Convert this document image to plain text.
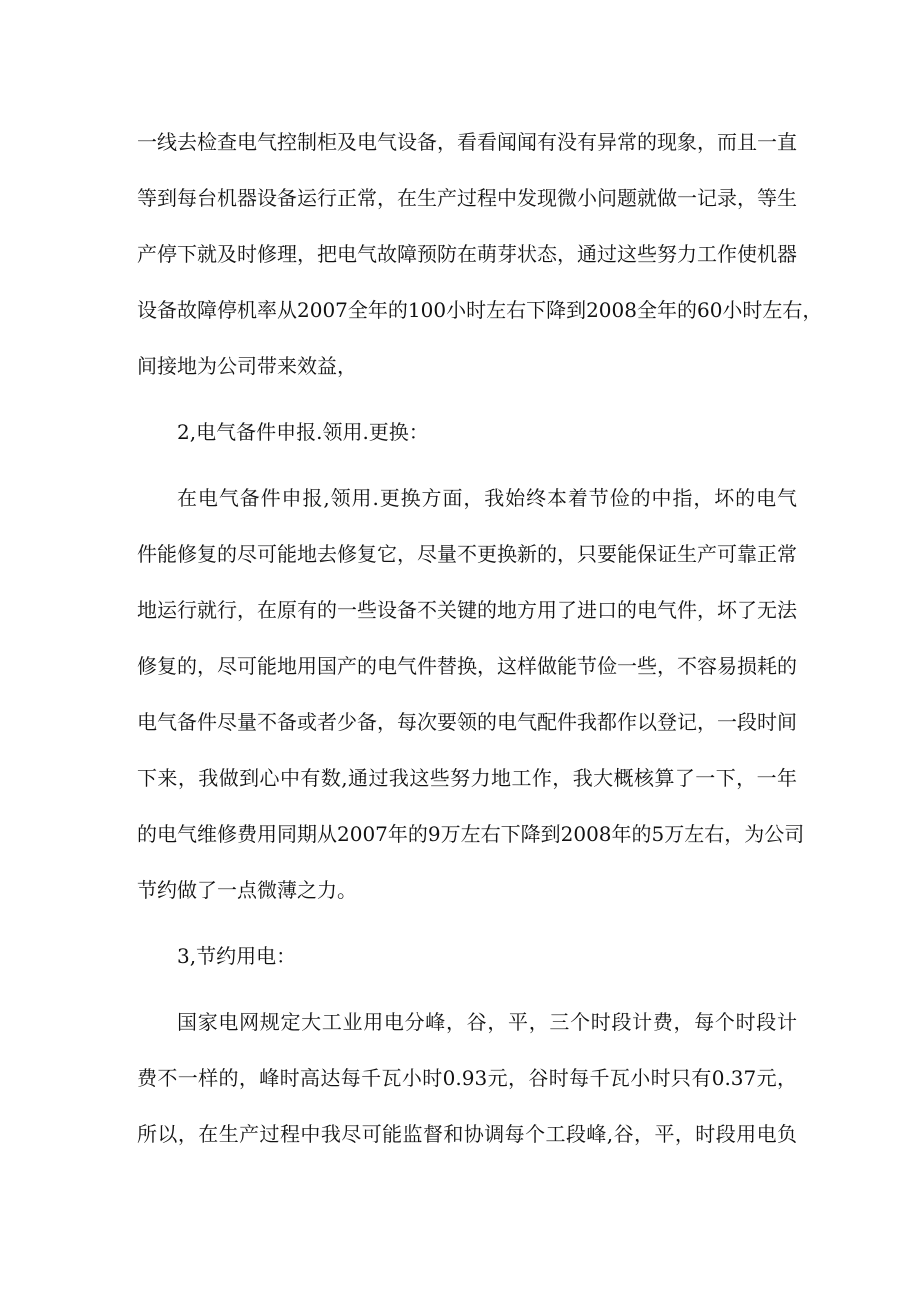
一线去检查电气控制柜及电气设备，看看闻闻有没有异常的现象，而且一直
等到每台机器设备运行正常，在生产过程中发现微小问题就做一记录，等生
产停下就及时修理，把电气故障预防在萌芽状态，通过这些努力工作使机器
设备故障停机率从2007全年的100小时左右下降到2008全年的60小时左右，
间接地为公司带来效益，
2,电气备件申报.领用.更换：
在电气备件申报,领用.更换方面，我始终本着节俭的中指，坏的电气
件能修复的尽可能地去修复它，尽量不更换新的，只要能保证生产可靠正常
地运行就行，在原有的一些设备不关键的地方用了进口的电气件，坏了无法
修复的，尽可能地用国产的电气件替换，这样做能节俭一些，不容易损耗的
电气备件尽量不备或者少备，每次要领的电气配件我都作以登记，一段时间
下来，我做到心中有数,通过我这些努力地工作，我大概核算了一下，一年
的电气维修费用同期从2007年的9万左右下降到2008年的5万左右，为公司
节约做了一点微薄之力。
3,节约用电：
国家电网规定大工业用电分峰，谷，平，三个时段计费，每个时段计
费不一样的，峰时高达每千瓦小时0.93元，谷时每千瓦小时只有0.37元，
所以，在生产过程中我尽可能监督和协调每个工段峰,谷，平，时段用电负
